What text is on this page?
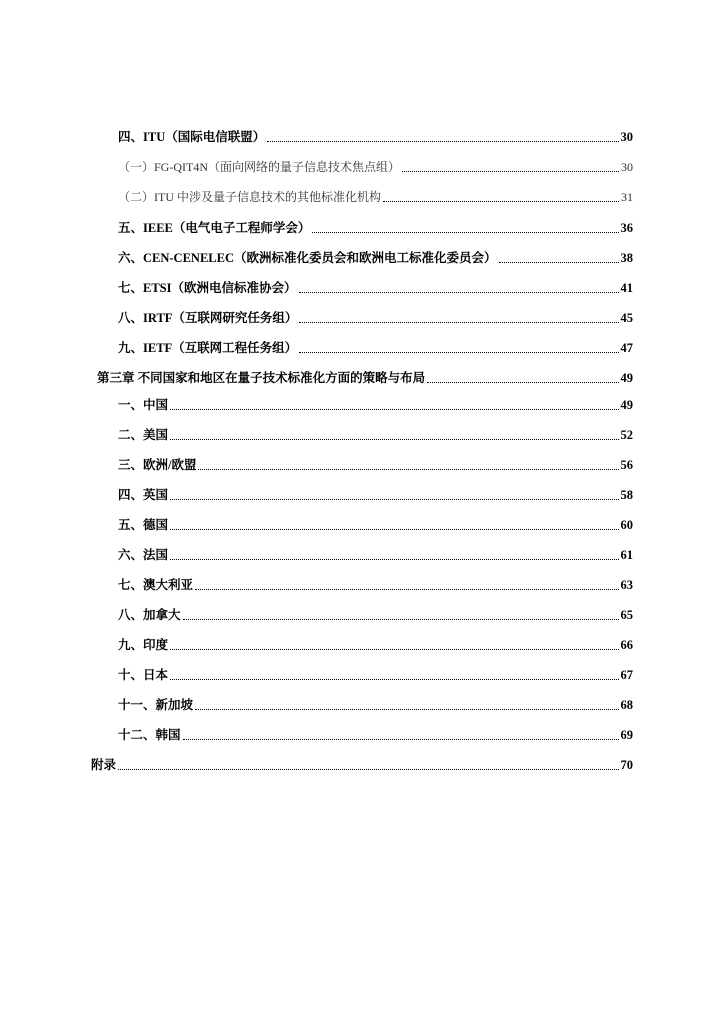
四、ITU（国际电信联盟）	30
（一）FG-QIT4N（面向网络的量子信息技术焦点组）	30
（二）ITU 中涉及量子信息技术的其他标准化机构	31
五、IEEE（电气电子工程师学会）	36
六、CEN-CENELEC（欧洲标准化委员会和欧洲电工标准化委员会）	38
七、ETSI（欧洲电信标准协会）	41
八、IRTF（互联网研究任务组）	45
九、IETF（互联网工程任务组）	47
第三章 不同国家和地区在量子技术标准化方面的策略与布局	49
一、中国	49
二、美国	52
三、欧洲/欧盟	56
四、英国	58
五、德国	60
六、法国	61
七、澳大利亚	63
八、加拿大	65
九、印度	66
十、日本	67
十一、新加坡	68
十二、韩国	69
附录	70
